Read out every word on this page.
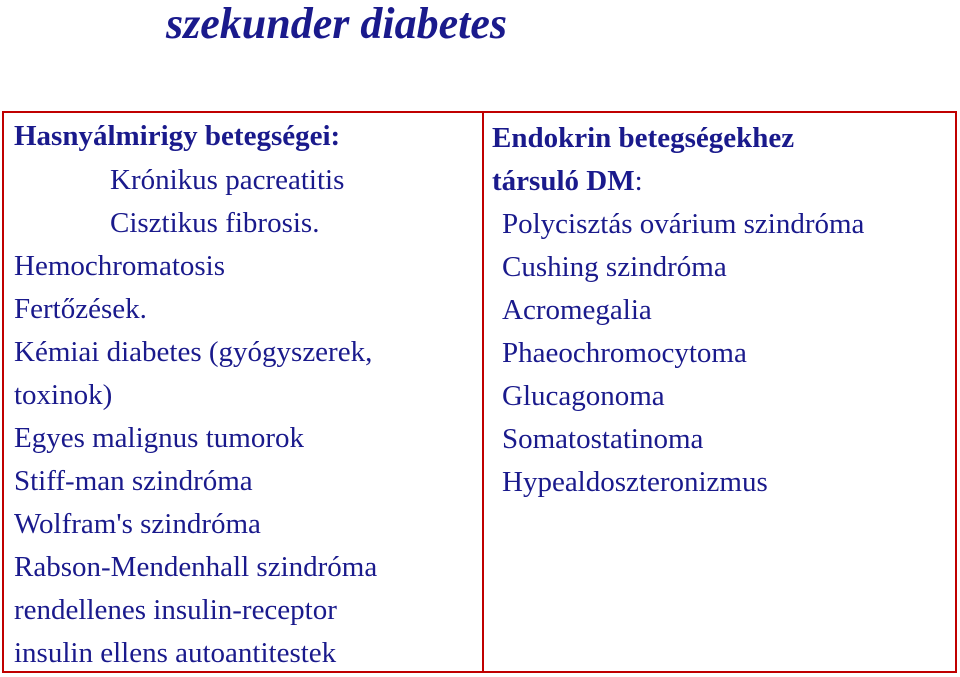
szekunder diabetes
Hasnyálmirigy betegségei:
Krónikus pacreatitis
Cisztikus fibrosis.
Hemochromatosis
Fertőzések.
Kémiai diabetes (gyógyszerek,
toxinok)
Egyes malignus tumorok
Stiff-man szindróma
Wolfram's szindróma
Rabson-Mendenhall szindróma
rendellenes insulin-receptor
insulin ellens autoantitestek
Endokrin betegségekhez
társuló DM:
Polycisztás ovárium szindróma
Cushing szindróma
Acromegalia
Phaeochromocytoma
Glucagonoma
Somatostatinoma
Hypealdoszteronizmus
